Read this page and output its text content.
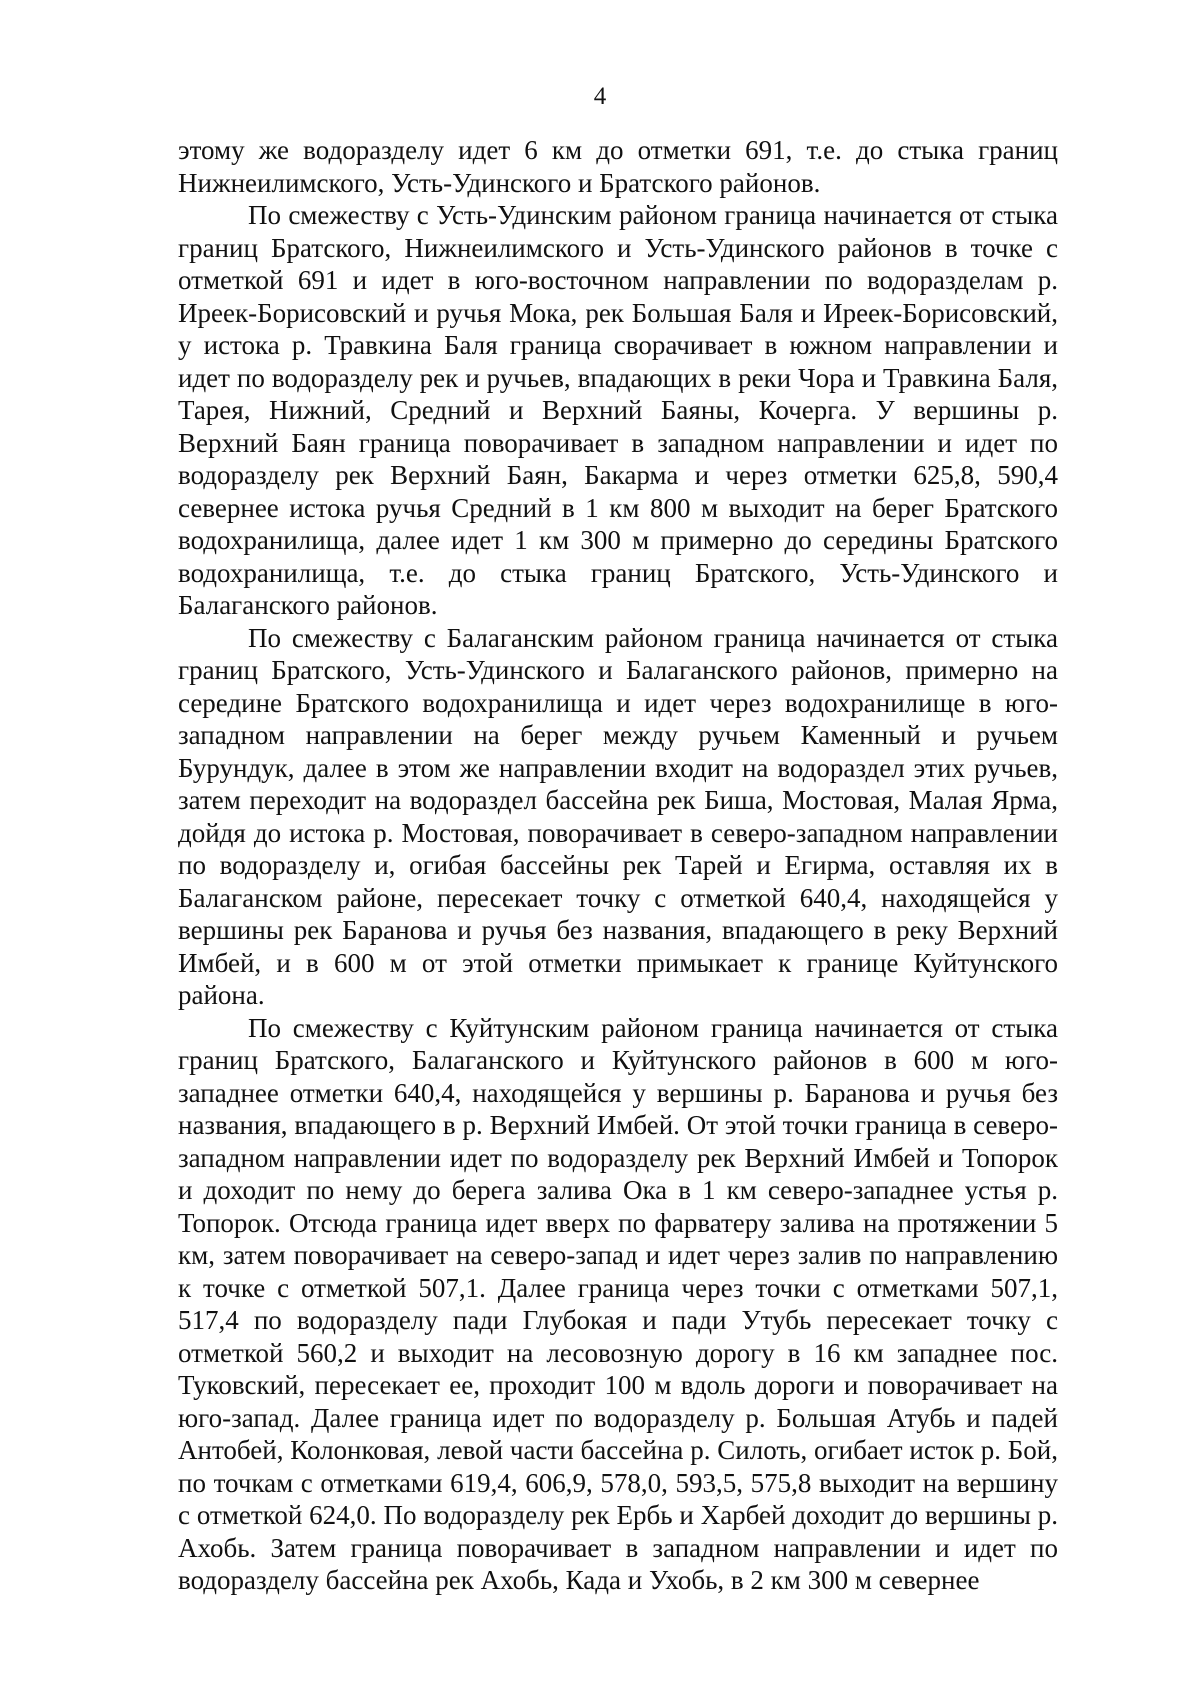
4

этому же водоразделу идет 6 км до отметки 691, т.е. до стыка границ Нижнеилимского, Усть-Удинского и Братского районов.

По смежеству с Усть-Удинским районом граница начинается от стыка границ Братского, Нижнеилимского и Усть-Удинского районов в точке с отметкой 691 и идет в юго-восточном направлении по водоразделам р. Иреек-Борисовский и ручья Мока, рек Большая Баля и Иреек-Борисовский, у истока р. Травкина Баля граница сворачивает в южном направлении и идет по водоразделу рек и ручьев, впадающих в реки Чора и Травкина Баля, Тарея, Нижний, Средний и Верхний Баяны, Кочерга. У вершины р. Верхний Баян граница поворачивает в западном направлении и идет по водоразделу рек Верхний Баян, Бакарма и через отметки 625,8, 590,4 севернее истока ручья Средний в 1 км 800 м выходит на берег Братского водохранилища, далее идет 1 км 300 м примерно до середины Братского водохранилища, т.е. до стыка границ Братского, Усть-Удинского и Балаганского районов.

По смежеству с Балаганским районом граница начинается от стыка границ Братского, Усть-Удинского и Балаганского районов, примерно на середине Братского водохранилища и идет через водохранилище в юго-западном направлении на берег между ручьем Каменный и ручьем Бурундук, далее в этом же направлении входит на водораздел этих ручьев, затем переходит на водораздел бассейна рек Биша, Мостовая, Малая Ярма, дойдя до истока р. Мостовая, поворачивает в северо-западном направлении по водоразделу и, огибая бассейны рек Тарей и Егирма, оставляя их в Балаганском районе, пересекает точку с отметкой 640,4, находящейся у вершины рек Баранова и ручья без названия, впадающего в реку Верхний Имбей, и в 600 м от этой отметки примыкает к границе Куйтунского района.

По смежеству с Куйтунским районом граница начинается от стыка границ Братского, Балаганского и Куйтунского районов в 600 м юго-западнее отметки 640,4, находящейся у вершины р. Баранова и ручья без названия, впадающего в р. Верхний Имбей. От этой точки граница в северо-западном направлении идет по водоразделу рек Верхний Имбей и Топорок и доходит по нему до берега залива Ока в 1 км северо-западнее устья р. Топорок. Отсюда граница идет вверх по фарватеру залива на протяжении 5 км, затем поворачивает на северо-запад и идет через залив по направлению к точке с отметкой 507,1. Далее граница через точки с отметками 507,1, 517,4 по водоразделу пади Глубокая и пади Утубь пересекает точку с отметкой 560,2 и выходит на лесовозную дорогу в 16 км западнее пос. Туковский, пересекает ее, проходит 100 м вдоль дороги и поворачивает на юго-запад. Далее граница идет по водоразделу р. Большая Атубь и падей Антобей, Колонковая, левой части бассейна р. Силоть, огибает исток р. Бой, по точкам с отметками 619,4, 606,9, 578,0, 593,5, 575,8 выходит на вершину с отметкой 624,0. По водоразделу рек Ербь и Харбей доходит до вершины р. Ахобь. Затем граница поворачивает в западном направлении и идет по водоразделу бассейна рек Ахобь, Када и Ухобь, в 2 км 300 м севернее
